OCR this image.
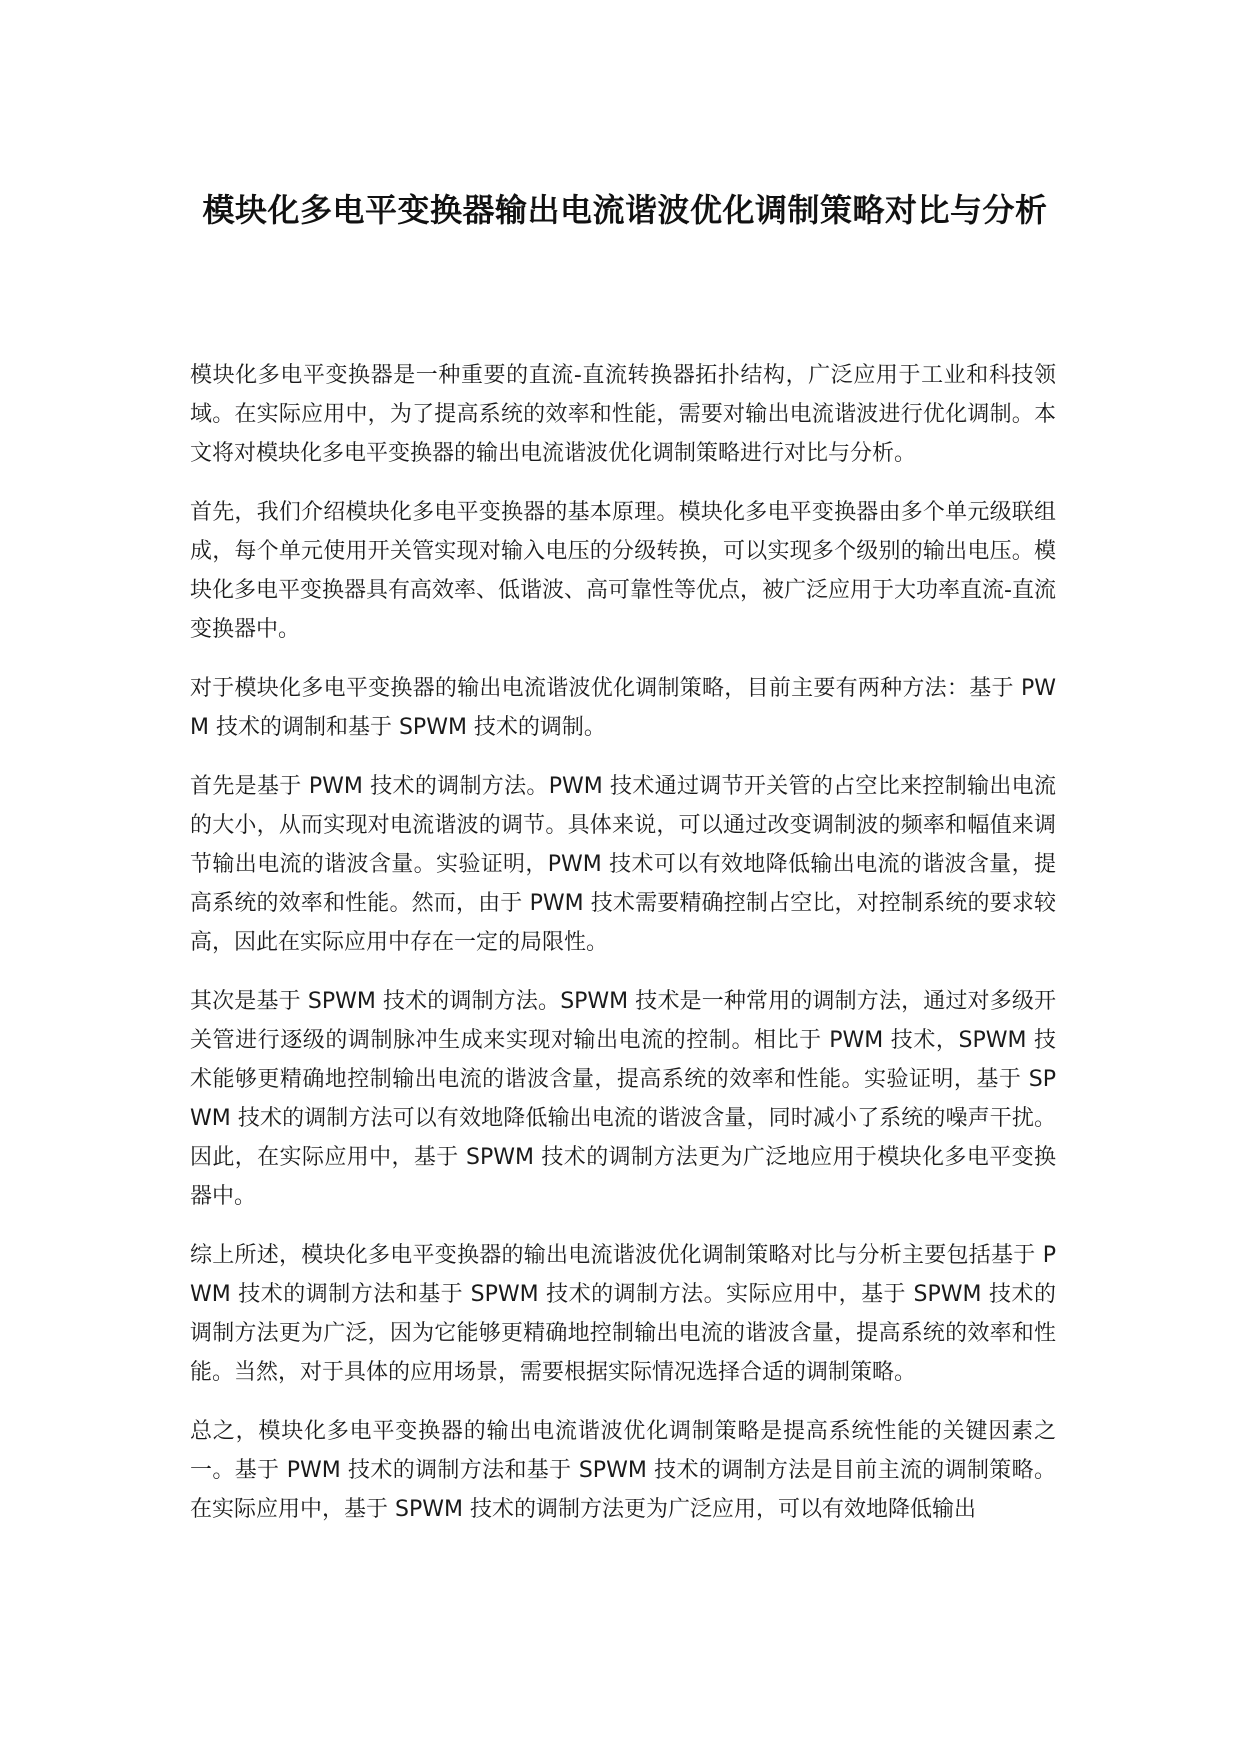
模块化多电平变换器输出电流谐波优化调制策略对比与分析

模块化多电平变换器是一种重要的直流-直流转换器拓扑结构，广泛应用于工业和科技领域。在实际应用中，为了提高系统的效率和性能，需要对输出电流谐波进行优化调制。本文将对模块化多电平变换器的输出电流谐波优化调制策略进行对比与分析。

首先，我们介绍模块化多电平变换器的基本原理。模块化多电平变换器由多个单元级联组成，每个单元使用开关管实现对输入电压的分级转换，可以实现多个级别的输出电压。模块化多电平变换器具有高效率、低谐波、高可靠性等优点，被广泛应用于大功率直流-直流变换器中。

对于模块化多电平变换器的输出电流谐波优化调制策略，目前主要有两种方法：基于 PWM 技术的调制和基于 SPWM 技术的调制。

首先是基于 PWM 技术的调制方法。PWM 技术通过调节开关管的占空比来控制输出电流的大小，从而实现对电流谐波的调节。具体来说，可以通过改变调制波的频率和幅值来调节输出电流的谐波含量。实验证明，PWM 技术可以有效地降低输出电流的谐波含量，提高系统的效率和性能。然而，由于 PWM 技术需要精确控制占空比，对控制系统的要求较高，因此在实际应用中存在一定的局限性。

其次是基于 SPWM 技术的调制方法。SPWM 技术是一种常用的调制方法，通过对多级开关管进行逐级的调制脉冲生成来实现对输出电流的控制。相比于 PWM 技术，SPWM 技术能够更精确地控制输出电流的谐波含量，提高系统的效率和性能。实验证明，基于 SPWM 技术的调制方法可以有效地降低输出电流的谐波含量，同时减小了系统的噪声干扰。因此，在实际应用中，基于 SPWM 技术的调制方法更为广泛地应用于模块化多电平变换器中。

综上所述，模块化多电平变换器的输出电流谐波优化调制策略对比与分析主要包括基于 PWM 技术的调制方法和基于 SPWM 技术的调制方法。实际应用中，基于 SPWM 技术的调制方法更为广泛，因为它能够更精确地控制输出电流的谐波含量，提高系统的效率和性能。当然，对于具体的应用场景，需要根据实际情况选择合适的调制策略。

总之，模块化多电平变换器的输出电流谐波优化调制策略是提高系统性能的关键因素之一。基于 PWM 技术的调制方法和基于 SPWM 技术的调制方法是目前主流的调制策略。在实际应用中，基于 SPWM 技术的调制方法更为广泛应用，可以有效地降低输出
